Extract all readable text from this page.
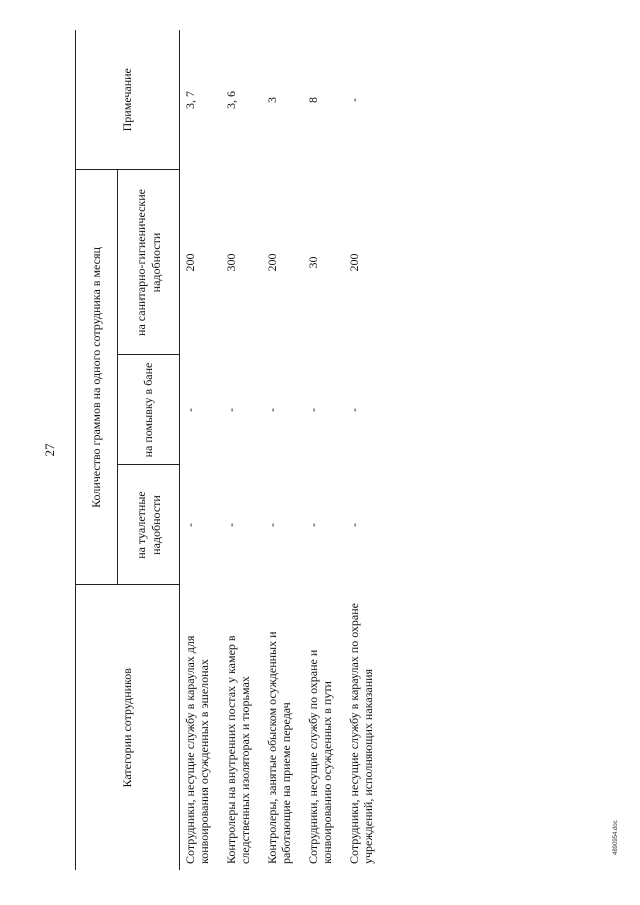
27
Категории сотрудников	Количество граммов на одного сотрудника в месяц			Примечание
	на туалетные надобности	на помывку в бане	на санитарно-гигиенические надобности	
Сотрудники, несущие службу в караулах для конвоирования осужденных в эшелонах	-	-	200	3, 7
Контролеры на внутренних постах у камер в следственных изоляторах и тюрьмах	-	-	300	3, 6
Контролеры, занятые обыском осужденных и работающие на приеме передач	-	-	200	3
Сотрудники, несущие службу по охране и конвоированию осужденных в пути	-	-	30	8
Сотрудники, несущие службу в караулах по охране учреждений, исполняющих наказания	-	-	200	-
4890954.doc
